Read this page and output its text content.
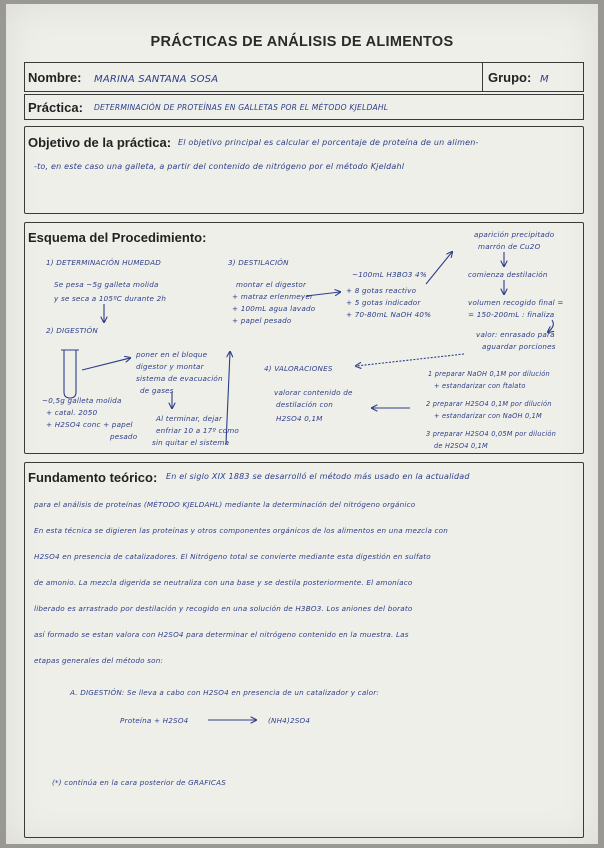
PRÁCTICAS DE ANÁLISIS DE ALIMENTOS
Nombre: MARINA SANTANA SOSA	Grupo: M
Práctica: DETERMINACIÓN DE PROTEÍNAS EN GALLETAS POR EL MÉTODO KJELDAHL
Objetivo de la práctica: El objetivo principal es calcular el porcentaje de proteína de un alimen-
-to, en este caso una galleta, a partir del contenido de nitrógeno por el método Kjeldahl
Esquema del Procedimiento:
1) DETERMINACIÓN HUMEDAD
Se pesa ~5g galleta molida
y se seca a 105ºC durante 2h
2) DIGESTIÓN
~0,5g galleta molida
+ catal. 2050
+ H2SO4 conc + papel
pesado
poner en el bloque
digestor y montar
sistema de evacuación
de gases
Al terminar, dejar
enfriar 10 a 17º como
sin quitar el sistema
3) DESTILACIÓN
montar el digestor
+ matraz erlenmeyer
+ 100mL agua lavado
+ papel pesado
~100mL H3BO3 4%
+ 8 gotas reactivo
+ 5 gotas indicador
+ 70-80mL NaOH 40%
aparición precipitado
marrón de Cu2O
comienza destilación
volumen recogido final =
= 150-200mL : finaliza
valor: enrasado para
aguardar porciones
4) VALORACIONES
valorar contenido de
destilación con
H2SO4 0,1M
1 preparar NaOH 0,1M por dilución
+ estandarizar con ftalato
2 preparar H2SO4 0,1M por dilución
+ estandarizar con NaOH 0,1M
3 preparar H2SO4 0,05M por dilución
de H2SO4 0,1M
Fundamento teórico: En el siglo XIX 1883 se desarrolló el método más usado en la actualidad
para el análisis de proteínas (MÉTODO KJELDAHL) mediante la determinación del nitrógeno orgánico
En esta técnica se digieren las proteínas y otros componentes orgánicos de los alimentos en una mezcla con
H2SO4 en presencia de catalizadores. El Nitrógeno total se convierte mediante esta digestión en sulfato
de amonio. La mezcla digerida se neutraliza con una base y se destila posteriormente. El amoníaco
liberado es arrastrado por destilación y recogido en una solución de H3BO3. Los aniones del borato
así formado se estan valora con H2SO4 para determinar el nitrógeno contenido en la muestra. Las
etapas generales del método son:
A. DIGESTIÓN: Se lleva a cabo con H2SO4 en presencia de un catalizador y calor:
Proteína + H2SO4	(NH4)2SO4
(*) continúa en la cara posterior de GRAFICAS
